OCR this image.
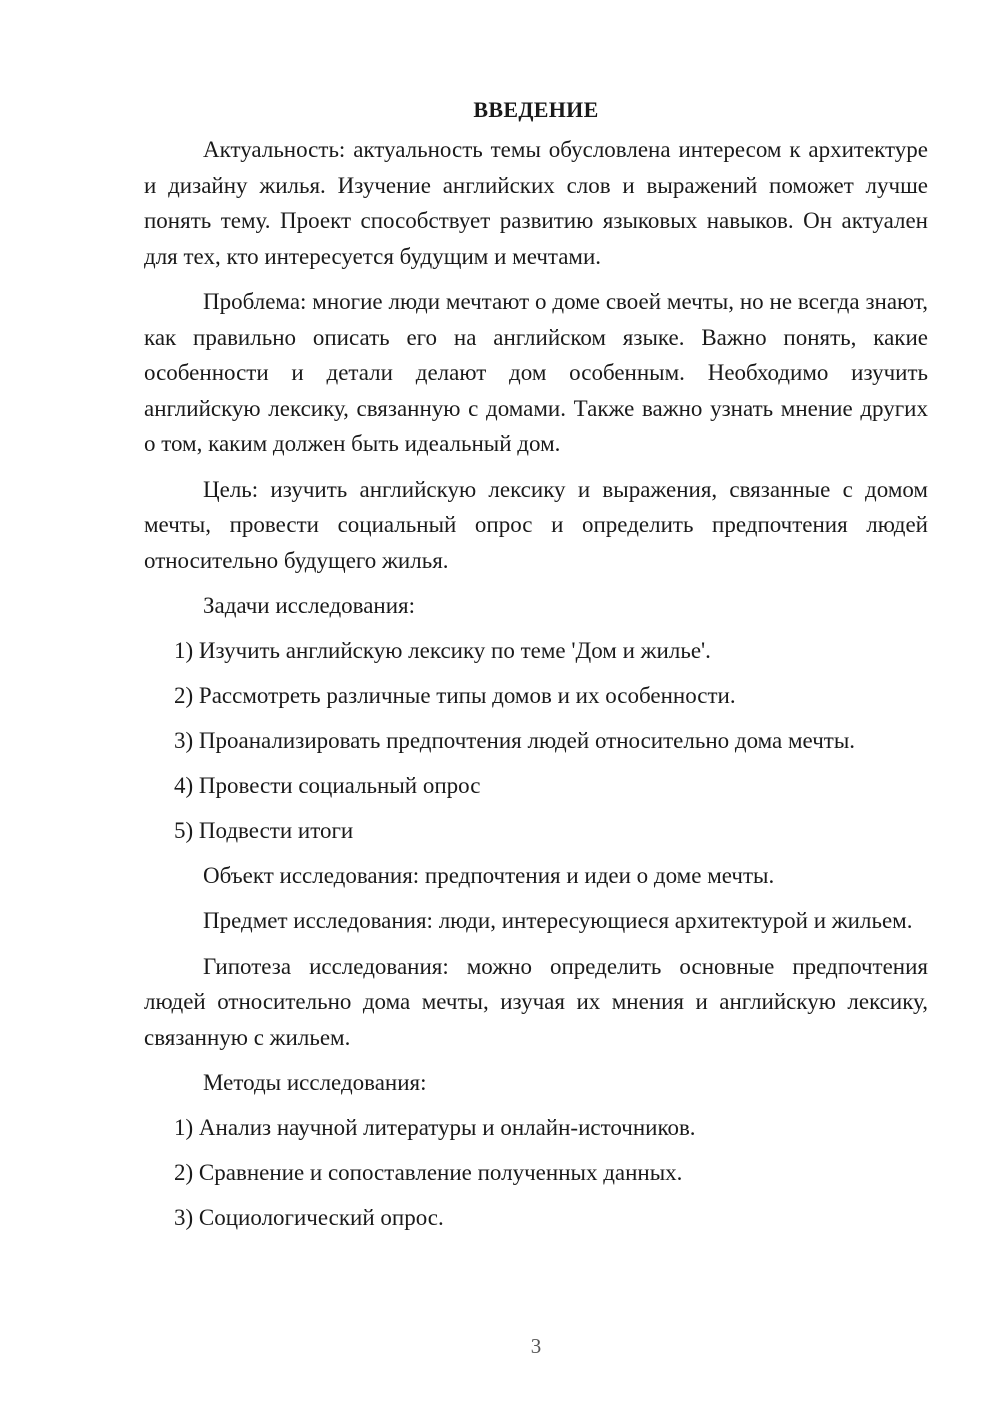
ВВЕДЕНИЕ
Актуальность: актуальность темы обусловлена интересом к архитектуре и дизайну жилья. Изучение английских слов и выражений поможет лучше понять тему. Проект способствует развитию языковых навыков. Он актуален для тех, кто интересуется будущим и мечтами.
Проблема: многие люди мечтают о доме своей мечты, но не всегда знают, как правильно описать его на английском языке. Важно понять, какие особенности и детали делают дом особенным. Необходимо изучить английскую лексику, связанную с домами. Также важно узнать мнение других о том, каким должен быть идеальный дом.
Цель: изучить английскую лексику и выражения, связанные с домом мечты, провести социальный опрос и определить предпочтения людей относительно будущего жилья.
Задачи исследования:
1) Изучить английскую лексику по теме 'Дом и жилье'.
2) Рассмотреть различные типы домов и их особенности.
3) Проанализировать предпочтения людей относительно дома мечты.
4) Провести социальный опрос
5) Подвести итоги
Объект исследования: предпочтения и идеи о доме мечты.
Предмет исследования: люди, интересующиеся архитектурой и жильем.
Гипотеза исследования: можно определить основные предпочтения людей относительно дома мечты, изучая их мнения и английскую лексику, связанную с жильем.
Методы исследования:
1) Анализ научной литературы и онлайн-источников.
2) Сравнение и сопоставление полученных данных.
3) Социологический опрос.
3
